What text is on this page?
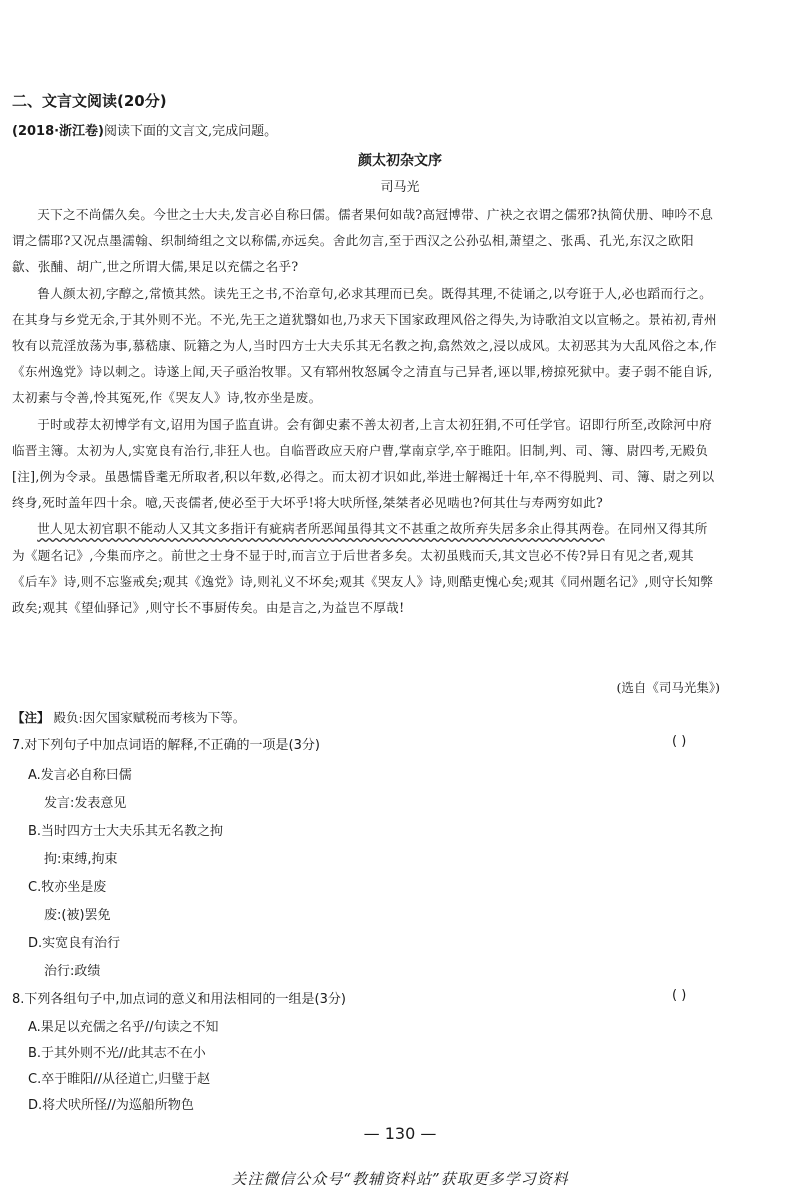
二、文言文阅读(20分)
(2018·浙江卷)阅读下面的文言文,完成问题。
颜太初杂文序
司马光

天下之不尚儒久矣。今世之士大夫,发言必自称曰儒。儒者果何如哉?高冠博带、广袂之衣谓之儒邪?执简伏册、呻吟不息谓之儒耶?又况点墨濡翰、织制绮组之文以称儒,亦远矣。舍此勿言,至于西汉之公孙弘相,萧望之、张禹、孔光,东汉之欧阳歙、张酺、胡广,世之所谓大儒,果足以充儒之名乎?

鲁人颜太初,字醇之,常愤其然。读先王之书,不治章句,必求其理而已矣。既得其理,不徒诵之,以夸诳于人,必也蹈而行之。在其身与乡党无余,于其外则不光。不光,先王之道犹翳如也,乃求天下国家政理风俗之得失,为诗歌洎文以宣畅之。景祐初,青州牧有以荒淫放荡为事,慕嵇康、阮籍之为人,当时四方士大夫乐其无名教之拘,翕然效之,浸以成风。太初恶其为大乱风俗之本,作《东州逸党》诗以刺之。诗遂上闻,天子亟治牧罪。又有郓州牧怒属令之清直与己异者,诬以罪,榜掠死狱中。妻子弱不能自诉,太初素与令善,怜其冤死,作《哭友人》诗,牧亦坐是废。

于时或荐太初博学有文,诏用为国子监直讲。会有御史素不善太初者,上言太初狂狷,不可任学官。诏即行所至,改除河中府临晋主簿。太初为人,实宽良有治行,非狂人也。自临晋政应天府户曹,掌南京学,卒于睢阳。旧制,判、司、簿、尉四考,无殿负[注],例为令录。虽愚懦昏耄无所取者,积以年数,必得之。而太初才识如此,举进士解褐迁十年,卒不得脱判、司、簿、尉之列以终身,死时盖年四十余。噫,天丧儒者,使必至于大坏乎!将大吠所怪,桀桀者必见啮也?何其仕与寿两穷如此?

世人见太初官职不能动人又其文多指讦有疵病者所恶闻虽得其文不甚重之故所弃失居多余止得其两卷。在同州又得其所为《题名记》,今集而序之。前世之士身不显于时,而言立于后世者多矣。太初虽贱而夭,其文岂必不传?异日有见之者,观其《后车》诗,则不忘鉴戒矣;观其《逸党》诗,则礼义不坏矣;观其《哭友人》诗,则酷吏愧心矣;观其《同州题名记》,则守长知弊政矣;观其《望仙驿记》,则守长不事厨传矣。由是言之,为益岂不厚哉!

(选自《司马光集》)
【注】 殿负:因欠国家赋税而考核为下等。
7.对下列句子中加点词语的解释,不正确的一项是(3分)	( )
A.发言必自称曰儒
发言:发表意见
B.当时四方士大夫乐其无名教之拘
拘:束缚,拘束
C.牧亦坐是废
废:(被)罢免
D.实宽良有治行
治行:政绩
8.下列各组句子中,加点词的意义和用法相同的一组是(3分)	( )
A.果足以充儒之名乎//句读之不知
B.于其外则不光//此其志不在小
C.卒于睢阳//从径道亡,归璧于赵
D.将犬吠所怪//为巡船所物色
— 130 —
关注微信公众号“教辅资料站”获取更多学习资料
